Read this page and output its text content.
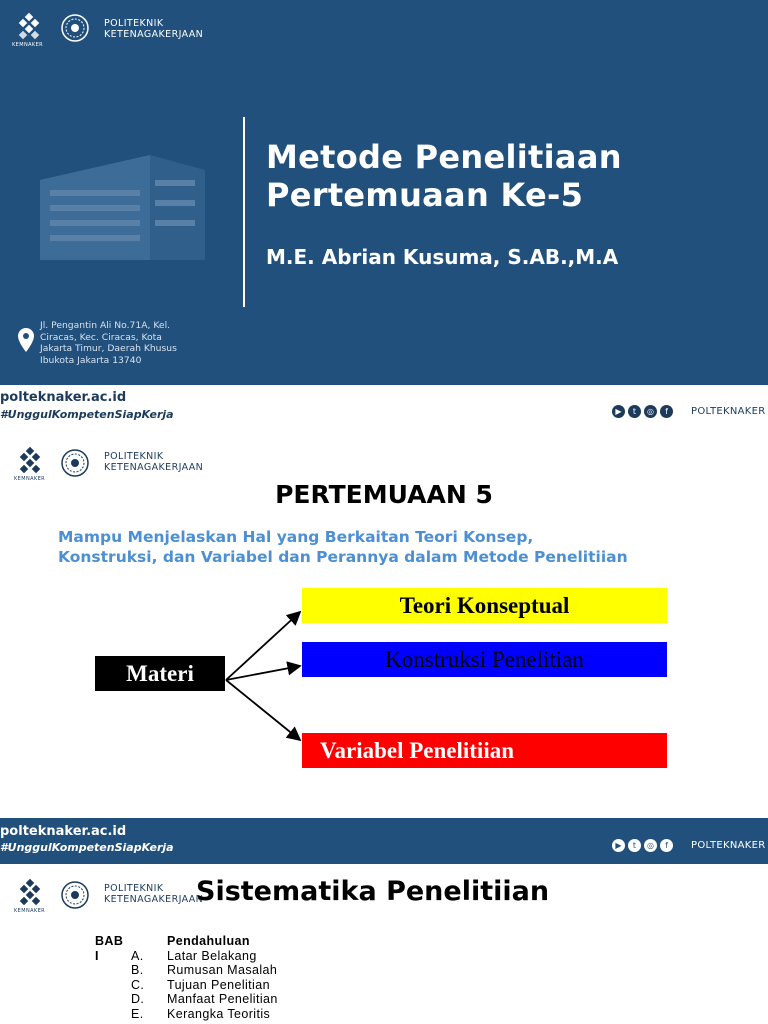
KEMNAKER
POLITEKNIK
KETENAGAKERJAAN
Metode Penelitiaan
Pertemuaan Ke-5
M.E. Abrian Kusuma, S.AB.,M.A
Jl. Pengantin Ali No.71A, Kel.
Ciracas, Kec. Ciracas, Kota
Jakarta Timur, Daerah Khusus
Ibukota Jakarta 13740
polteknaker.ac.id
#UnggulKompetenSiapKerja	▶	t	◎	f	POLTEKNAKER
KEMNAKER
POLITEKNIK
KETENAGAKERJAAN
PERTEMUAAN 5
Mampu Menjelaskan Hal yang Berkaitan Teori Konsep,
Konstruksi, dan Variabel dan Perannya dalam Metode Penelitiian
Materi
Teori Konseptual
Konstruksi Penelitian
Variabel Penelitiian
polteknaker.ac.id
#UnggulKompetenSiapKerja	▶	t	◎	f	POLTEKNAKER
KEMNAKER
POLITEKNIK
KETENAGAKERJAAN
Sistematika Penelitiian
BAB I
Pendahuluan
A. Latar Belakang
B. Rumusan Masalah
C. Tujuan Penelitian
D. Manfaat Penelitian
E. Kerangka Teoritis
